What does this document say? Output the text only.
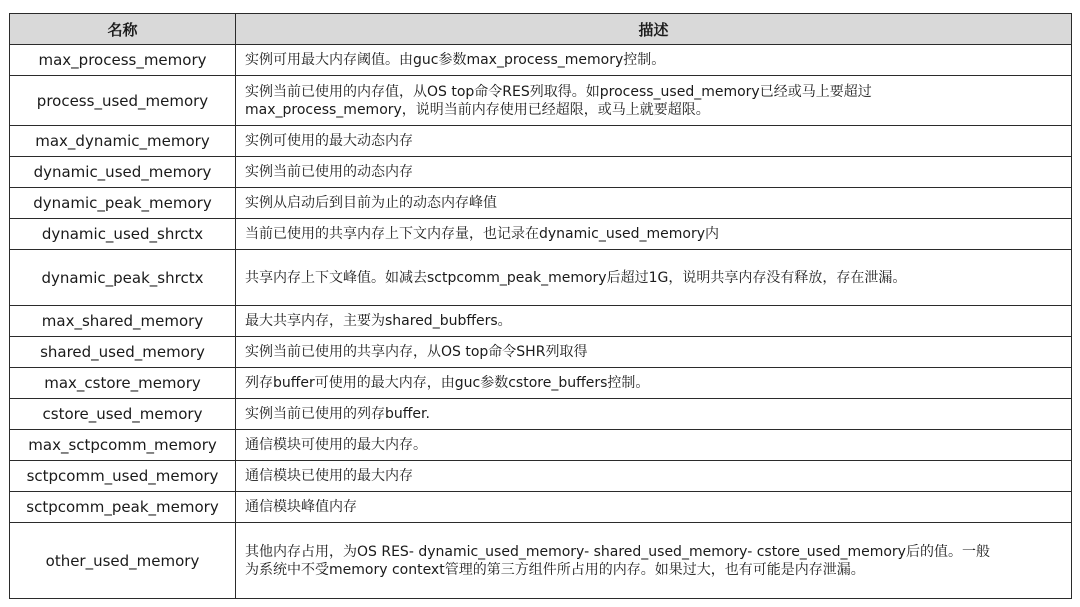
名称	描述
max_process_memory	实例可用最大内存阈值。由guc参数max_process_memory控制。

process_used_memory	实例当前已使用的内存值，从OS top命令RES列取得。如process_used_memory已经或马上要超过
max_process_memory，说明当前内存使用已经超限，或马上就要超限。

max_dynamic_memory	实例可使用的最大动态内存

dynamic_used_memory	实例当前已使用的动态内存

dynamic_peak_memory	实例从启动后到目前为止的动态内存峰值

dynamic_used_shrctx	当前已使用的共享内存上下文内存量，也记录在dynamic_used_memory内

dynamic_peak_shrctx	共享内存上下文峰值。如减去sctpcomm_peak_memory后超过1G，说明共享内存没有释放，存在泄漏。

max_shared_memory	最大共享内存，主要为shared_bubffers。

shared_used_memory	实例当前已使用的共享内存，从OS top命令SHR列取得

max_cstore_memory	列存buffer可使用的最大内存，由guc参数cstore_buffers控制。

cstore_used_memory	实例当前已使用的列存buffer.

max_sctpcomm_memory	通信模块可使用的最大内存。

sctpcomm_used_memory	通信模块已使用的最大内存

sctpcomm_peak_memory	通信模块峰值内存

other_used_memory	其他内存占用，为OS RES- dynamic_used_memory- shared_used_memory- cstore_used_memory后的值。一般
为系统中不受memory context管理的第三方组件所占用的内存。如果过大，也有可能是内存泄漏。
